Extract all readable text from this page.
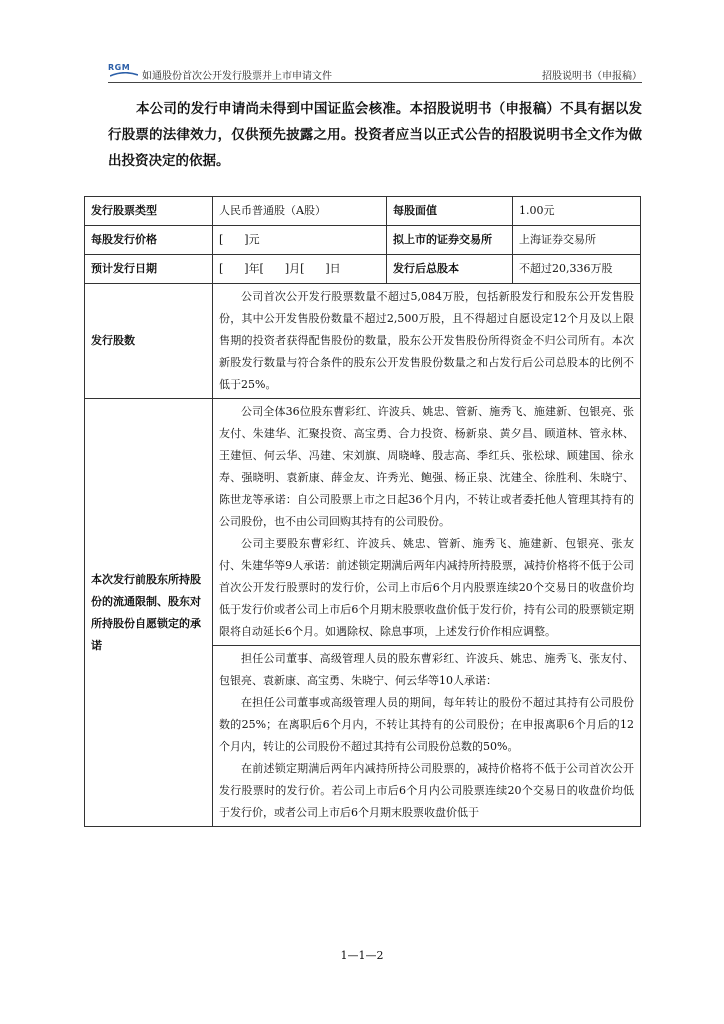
RGM
如通股份首次公开发行股票并上市申请文件	招股说明书（申报稿）
本公司的发行申请尚未得到中国证监会核准。本招股说明书（申报稿）不具有据以发行股票的法律效力，仅供预先披露之用。投资者应当以正式公告的招股说明书全文作为做出投资决定的依据。
发行股票类型	人民币普通股（A股）	每股面值	1.00元
每股发行价格	[      ]元	拟上市的证券交易所	上海证券交易所
预计发行日期	[      ]年[      ]月[      ]日	发行后总股本	不超过20,336万股
发行股数	公司首次公开发行股票数量不超过5,084万股，包括新股发行和股东公开发售股份，其中公开发售股份数量不超过2,500万股，且不得超过自愿设定12个月及以上限售期的投资者获得配售股份的数量，股东公开发售股份所得资金不归公司所有。本次新股发行数量与符合条件的股东公开发售股份数量之和占发行后公司总股本的比例不低于25%。		

本次发行前股东所持股份的流通限制、股东对所持股份自愿锁定的承诺	公司全体36位股东曹彩红、许波兵、姚忠、管新、施秀飞、施建新、包银亮、张友付、朱建华、汇聚投资、高宝勇、合力投资、杨新泉、黄夕昌、顾道林、管永林、王建恒、何云华、冯建、宋刘旗、周晓峰、殷志高、季红兵、张松球、顾建国、徐永寿、强晓明、袁新康、薛金友、许秀光、鲍强、杨正泉、沈建全、徐胜利、朱晓宁、陈世龙等承诺：自公司股票上市之日起36个月内，不转让或者委托他人管理其持有的公司股份，也不由公司回购其持有的公司股份。

公司主要股东曹彩红、许波兵、姚忠、管新、施秀飞、施建新、包银亮、张友付、朱建华等9人承诺：前述锁定期满后两年内减持所持股票，减持价格将不低于公司首次公开发行股票时的发行价，公司上市后6个月内股票连续20个交易日的收盘价均低于发行价或者公司上市后6个月期末股票收盘价低于发行价，持有公司的股票锁定期限将自动延长6个月。如遇除权、除息事项，上述发行价作相应调整。		

	担任公司董事、高级管理人员的股东曹彩红、许波兵、姚忠、施秀飞、张友付、包银亮、袁新康、高宝勇、朱晓宁、何云华等10人承诺：

在担任公司董事或高级管理人员的期间，每年转让的股份不超过其持有公司股份数的25%；在离职后6个月内，不转让其持有的公司股份；在申报离职6个月后的12个月内，转让的公司股份不超过其持有公司股份总数的50%。

在前述锁定期满后两年内减持所持公司股票的，减持价格将不低于公司首次公开发行股票时的发行价。若公司上市后6个月内公司股票连续20个交易日的收盘价均低于发行价，或者公司上市后6个月期末股票收盘价低于		

1—1—2
